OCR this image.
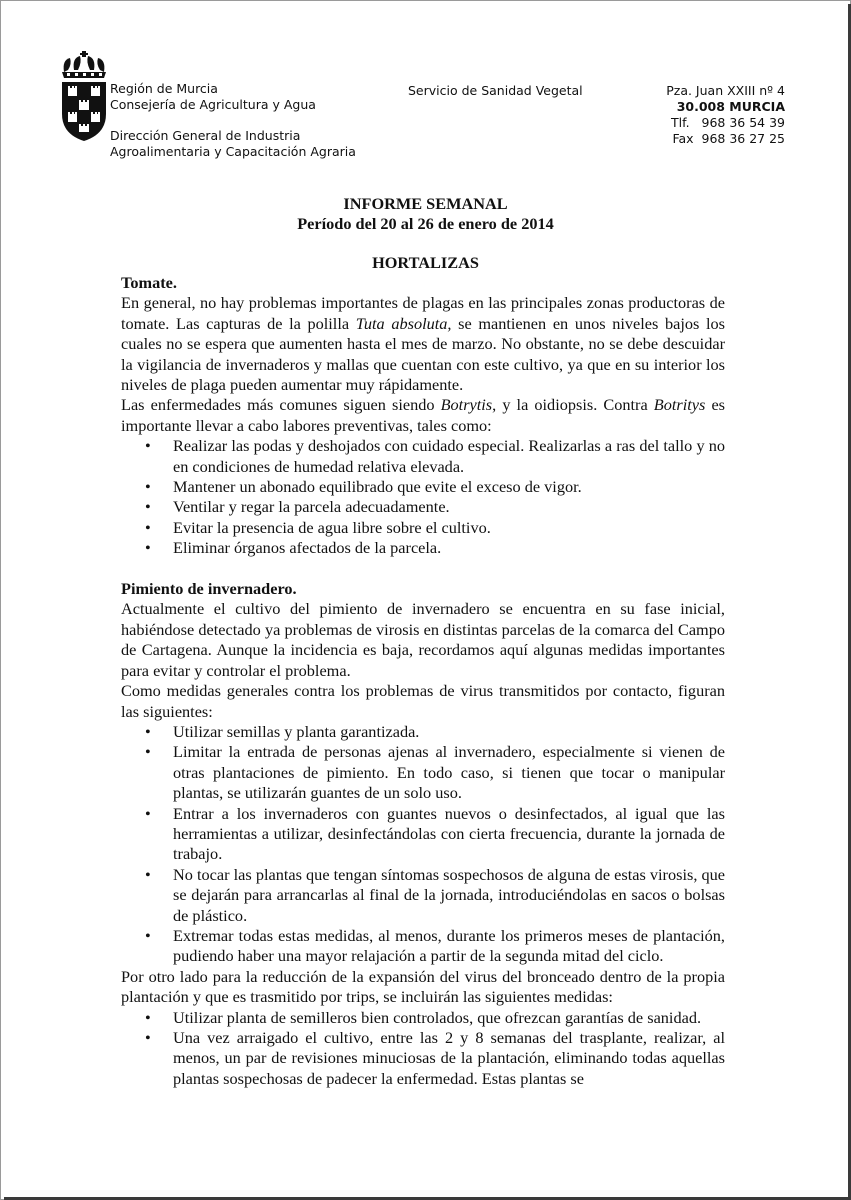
Región de Murcia
Consejería de Agricultura y Agua
Dirección General de Industria
Agroalimentaria y Capacitación Agraria
Servicio de Sanidad Vegetal	Pza. Juan XXIII nº 4
30.008 MURCIA
Tlf.   968 36 54 39
Fax  968 36 27 25
INFORME SEMANAL
Período del 20 al 26 de enero de 2014
HORTALIZAS

Tomate.

En general, no hay problemas importantes de plagas en las principales zonas productoras de tomate. Las capturas de la polilla Tuta absoluta, se mantienen en unos niveles bajos los cuales no se espera que aumenten hasta el mes de marzo. No obstante, no se debe descuidar la vigilancia de invernaderos y mallas que cuentan con este cultivo, ya que en su interior los niveles de plaga pueden aumentar muy rápidamente.

Las enfermedades más comunes siguen siendo Botrytis, y la oidiopsis. Contra Botritys es importante llevar a cabo labores preventivas, tales como:

• Realizar las podas y deshojados con cuidado especial. Realizarlas a ras del tallo y no en condiciones de humedad relativa elevada.
• Mantener un abonado equilibrado que evite el exceso de vigor.
• Ventilar y regar la parcela adecuadamente.
• Evitar la presencia de agua libre sobre el cultivo.
• Eliminar órganos afectados de la parcela.

Pimiento de invernadero.

Actualmente el cultivo del pimiento de invernadero se encuentra en su fase inicial, habiéndose detectado ya problemas de virosis en distintas parcelas de la comarca del Campo de Cartagena. Aunque la incidencia es baja, recordamos aquí algunas medidas importantes para evitar y controlar el problema.

Como medidas generales contra los problemas de virus transmitidos por contacto, figuran las siguientes:

• Utilizar semillas y planta garantizada.
• Limitar la entrada de personas ajenas al invernadero, especialmente si vienen de otras plantaciones de pimiento. En todo caso, si tienen que tocar o manipular plantas, se utilizarán guantes de un solo uso.
• Entrar a los invernaderos con guantes nuevos o desinfectados, al igual que las herramientas a utilizar, desinfectándolas con cierta frecuencia, durante la jornada de trabajo.
• No tocar las plantas que tengan síntomas sospechosos de alguna de estas virosis, que se dejarán para arrancarlas al final de la jornada, introduciéndolas en sacos o bolsas de plástico.
• Extremar todas estas medidas, al menos, durante los primeros meses de plantación, pudiendo haber una mayor relajación a partir de la segunda mitad del ciclo.

Por otro lado para la reducción de la expansión del virus del bronceado dentro de la propia plantación y que es trasmitido por trips, se incluirán las siguientes medidas:

• Utilizar planta de semilleros bien controlados, que ofrezcan garantías de sanidad.
• Una vez arraigado el cultivo, entre las 2 y 8 semanas del trasplante, realizar, al menos, un par de revisiones minuciosas de la plantación, eliminando todas aquellas plantas sospechosas de padecer la enfermedad. Estas plantas se
